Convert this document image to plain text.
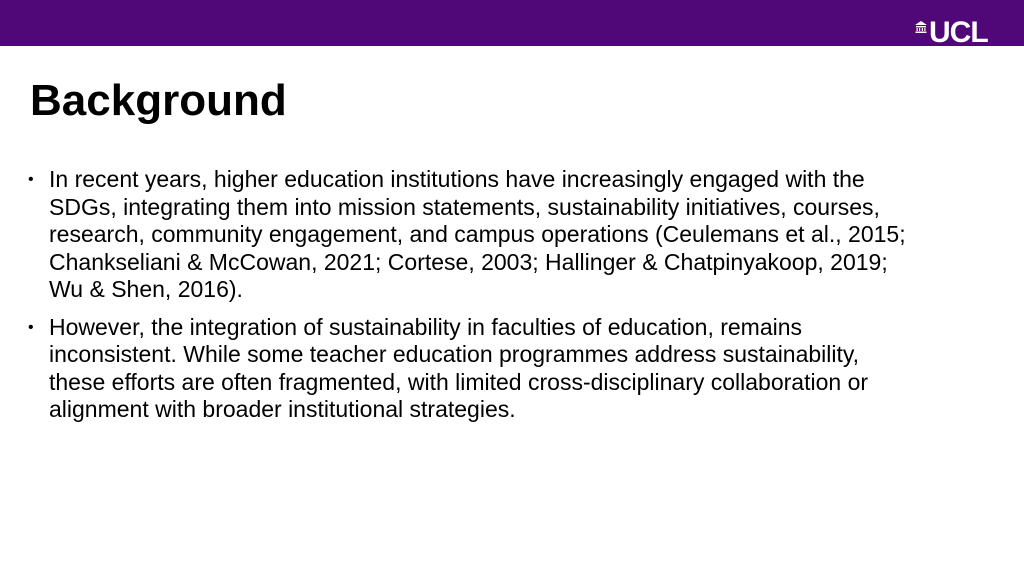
UCL
Background
• In recent years, higher education institutions have increasingly engaged with the SDGs, integrating them into mission statements, sustainability initiatives, courses, research, community engagement, and campus operations (Ceulemans et al., 2015; Chankseliani & McCowan, 2021; Cortese, 2003; Hallinger & Chatpinyakoop, 2019; Wu & Shen, 2016).
• However, the integration of sustainability in faculties of education, remains inconsistent. While some teacher education programmes address sustainability, these efforts are often fragmented, with limited cross-disciplinary collaboration or alignment with broader institutional strategies.
